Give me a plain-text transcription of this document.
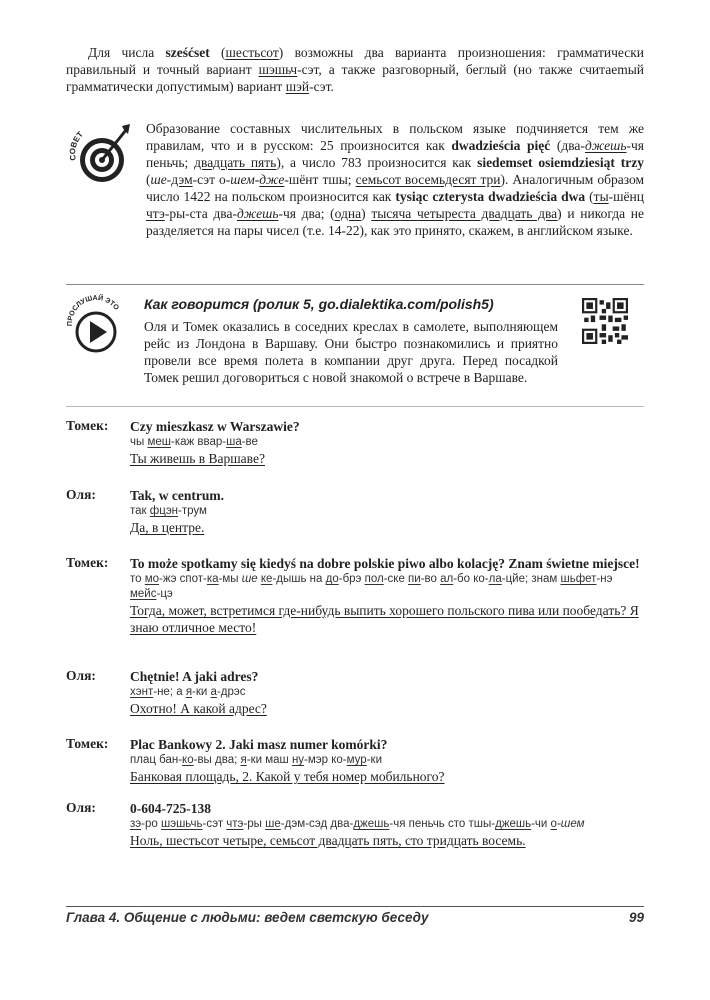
Для числа sześćset (шестьсот) возможны два варианта произношения: грамматически правильный и точный вариант шэшьч-сэт, а также разговорный, беглый (но также считаеmый грамматически допустимым) вариант шэй-сэт.

СОВЕТ	Образование составных числительных в польском языке подчиняется тем же правилам, что и в русском: 25 произносится как dwadzieścia pięć (два-джешь-чя пеньчь; двадцать пять), а число 783 произносится как siedemset osiemdziesiąt trzy (ше-дэм-сэт о-шем-дже-шёнт тшы; семьсот восемьдесят три). Аналогичным образом число 1422 на польском произносится как tysiąc czterysta dwadzieścia dwa (ты-шёнц чтэ-ры-ста два-джешь-чя два; (одна) тысяча четыреста двадцать два) и никогда не разделяется на пары чисел (т.е. 14-22), как это принято, скажем, в английском языке.
ПРОСЛУШАЙ ЭТО Как говорится (ролик 5, go.dialektika.com/polish5)
Оля и Томек оказались в соседних креслах в самолете, выполняющем рейс из Лондона в Варшаву. Они быстро познакомились и приятно провели все время полета в компании друг друга. Перед посадкой Томек решил договориться с новой знакомой о встрече в Варшаве.
Томек:	Czy mieszkasz w Warszawie?
чы меш-каж ввар-ша-ве
Ты живешь в Варшаве?
Оля:	Tak, w centrum.
так фцэн-трум
Да, в центре.
Томек:	To może spotkamy się kiedyś na dobre polskie piwo albo kolację? Znam świetne miejsce!
то мо-жэ спот-ка-мы ше ке-дышь на до-брэ пол-ске пи-во ал-бо ко-ла-цйе; знам шьфет-нэ мейс-цэ
Тогда, может, встретимся где-нибудь выпить хорошего польского пива или пообедать? Я знаю отличное место!
Оля:	Chętnie! A jaki adres?
хэнт-не; а я-ки а-дрэс
Охотно! А какой адрес?
Томек:	Plac Bankowy 2. Jaki masz numer komórki?
плац бан-ко-вы два; я-ки маш ну-мэр ко-мур-ки
Банковая площадь, 2. Какой у тебя номер мобильного?
Оля:	0-604-725-138
зэ-ро шэшьчь-сэт чтэ-ры ше-дэм-сэд два-джешь-чя пеньчь сто тшы-джешь-чи о-шем
Ноль, шестьсот четыре, семьсот двадцать пять, сто тридцать восемь.
Глава 4. Общение с людьми: ведем светскую беседу	99
